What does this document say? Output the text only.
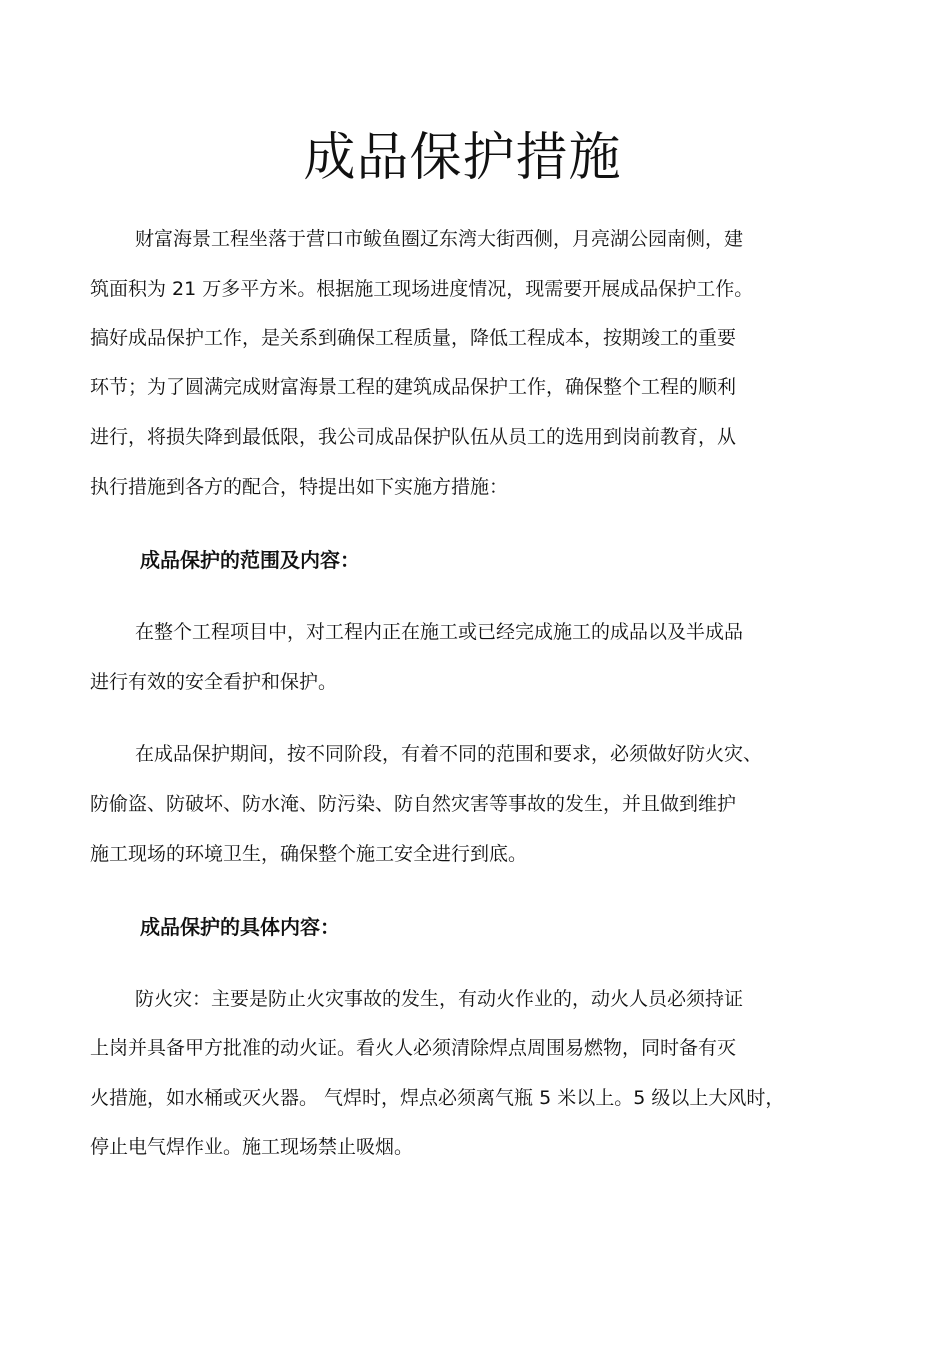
成品保护措施

财富海景工程坐落于营口市鲅鱼圈辽东湾大街西侧，月亮湖公园南侧，建

筑面积为 21 万多平方米。根据施工现场进度情况，现需要开展成品保护工作。

搞好成品保护工作，是关系到确保工程质量，降低工程成本，按期竣工的重要

环节；为了圆满完成财富海景工程的建筑成品保护工作，确保整个工程的顺利

进行，将损失降到最低限，我公司成品保护队伍从员工的选用到岗前教育，从

执行措施到各方的配合，特提出如下实施方措施：

成品保护的范围及内容：

在整个工程项目中，对工程内正在施工或已经完成施工的成品以及半成品

进行有效的安全看护和保护。

在成品保护期间，按不同阶段，有着不同的范围和要求，必须做好防火灾、

防偷盗、防破坏、防水淹、防污染、防自然灾害等事故的发生，并且做到维护

施工现场的环境卫生，确保整个施工安全进行到底。

成品保护的具体内容：

防火灾：主要是防止火灾事故的发生，有动火作业的，动火人员必须持证

上岗并具备甲方批准的动火证。看火人必须清除焊点周围易燃物，同时备有灭

火措施，如水桶或灭火器。 气焊时，焊点必须离气瓶 5 米以上。5 级以上大风时，

停止电气焊作业。施工现场禁止吸烟。
